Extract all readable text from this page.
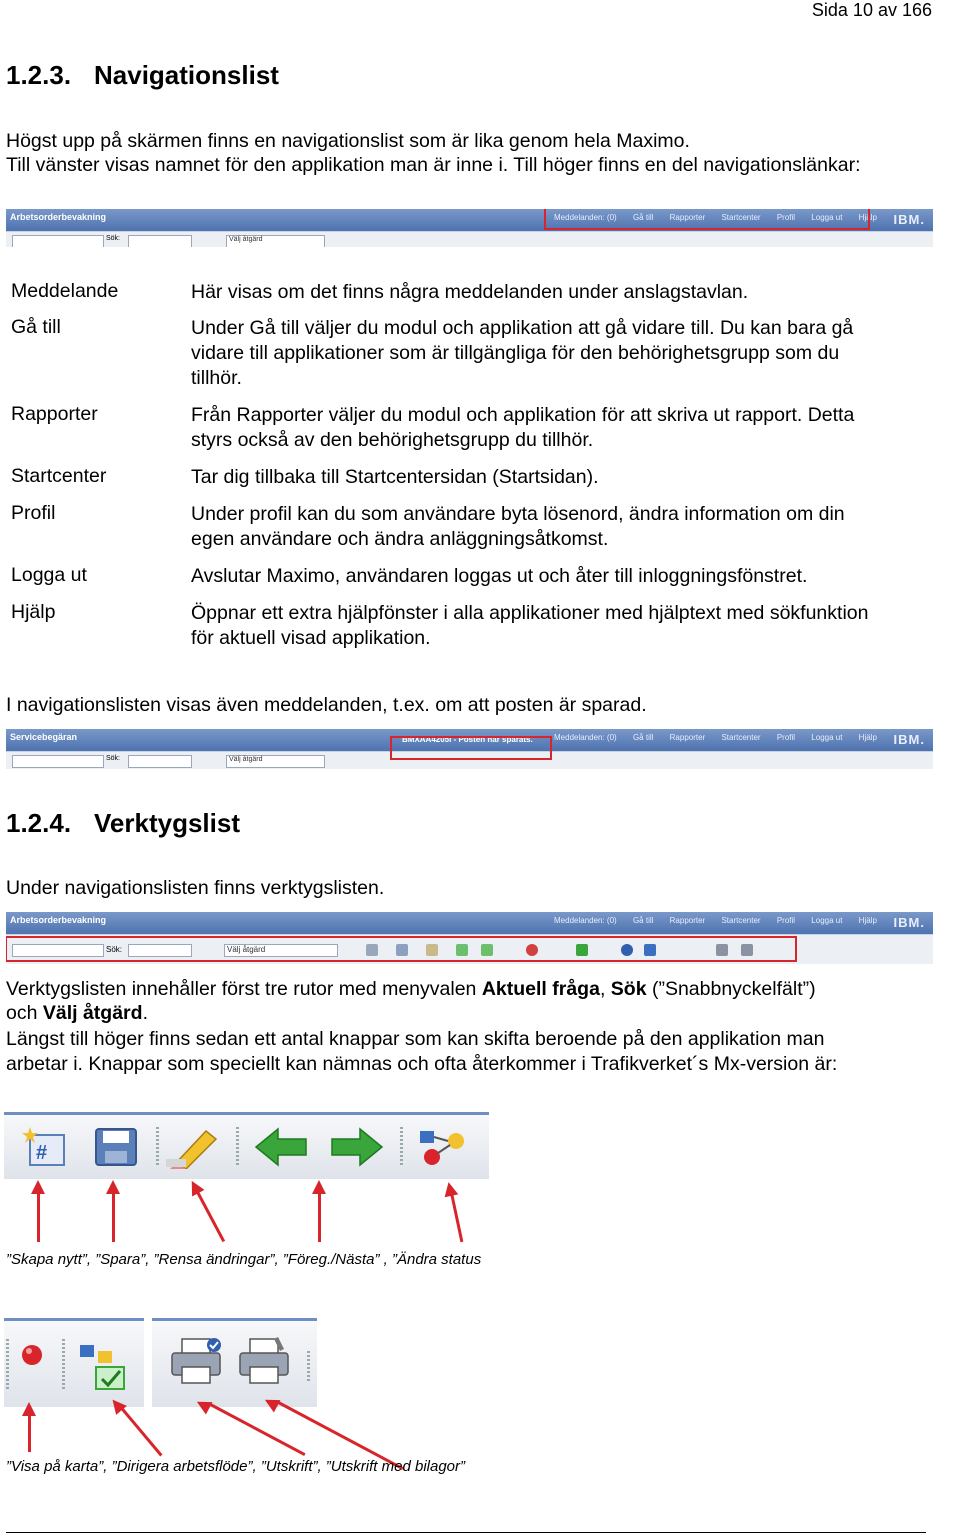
Sida 10 av 166
1.2.3. Navigationslist
Högst upp på skärmen finns en navigationslist som är lika genom hela Maximo.
Till vänster visas namnet för den applikation man är inne i. Till höger finns en del navigationslänkar:
Arbetsorderbevakning	Meddelanden: (0) Gå till Rapporter Startcenter Profil Logga ut Hjälp	IBM.
Sök:	Välj åtgärd
Meddelande	Här visas om det finns några meddelanden under anslagstavlan.
Gå till	Under Gå till väljer du modul och applikation att gå vidare till. Du kan bara gå
vidare till applikationer som är tillgängliga för den behörighetsgrupp som du
tillhör.
Rapporter	Från Rapporter väljer du modul och applikation för att skriva ut rapport. Detta
styrs också av den behörighetsgrupp du tillhör.
Startcenter	Tar dig tillbaka till Startcentersidan (Startsidan).
Profil	Under profil kan du som användare byta lösenord, ändra information om din
egen användare och ändra anläggningsåtkomst.
Logga ut	Avslutar Maximo, användaren loggas ut och åter till inloggningsfönstret.
Hjälp	Öppnar ett extra hjälpfönster i alla applikationer med hjälptext med sökfunktion
för aktuell visad applikation.
I navigationslisten visas även meddelanden, t.ex. om att posten är sparad.
Servicebegäran	BMXAA4205I - Posten har sparats.	Meddelanden: (0) Gå till Rapporter Startcenter Profil Logga ut Hjälp	IBM.
Sök:	Välj åtgärd
1.2.4. Verktygslist
Under navigationslisten finns verktygslisten.
Arbetsorderbevakning	Meddelanden: (0) Gå till Rapporter Startcenter Profil Logga ut Hjälp	IBM.
Sök:	Välj åtgärd
Verktygslisten innehåller först tre rutor med menyvalen Aktuell fråga, Sök (”Snabbnyckelfält”)
och Välj åtgärd.
Längst till höger finns sedan ett antal knappar som kan skifta beroende på den applikation man
arbetar i. Knappar som speciellt kan nämnas och ofta återkommer i Trafikverket´s Mx-version är:
#
”Skapa nytt”, ”Spara”, ”Rensa ändringar”, ”Föreg./Nästa” , ”Ändra status
”Visa på karta”, ”Dirigera arbetsflöde”, ”Utskrift”, ”Utskrift med bilagor”
